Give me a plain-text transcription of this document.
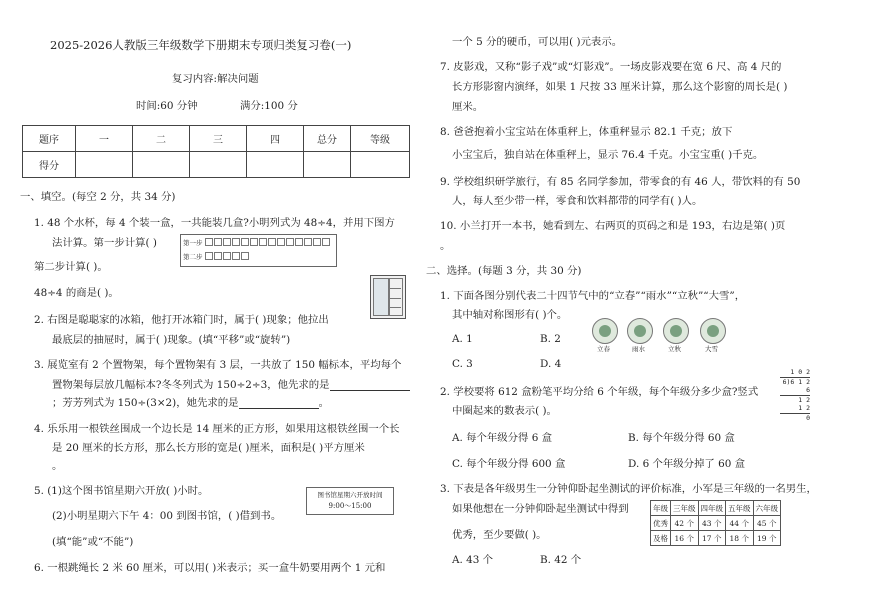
2025-2026人教版三年级数学下册期末专项归类复习卷(一)
复习内容:解决问题
时间:60 分钟	满分:100 分
题序	一	二	三	四	总分	等级
得分						
一、填空。(每空 2 分，共 34 分)
1. 48 个水杯，每 4 个装一盒，一共能装几盒?小明列式为 48÷4，并用下图方
法计算。第一步计算( )	第一步
第二步
第二步计算( )。
48÷4 的商是( )。
2. 右图是聪聪家的冰箱，他打开冰箱门时，属于( )现象；他拉出
最底层的抽屉时，属于( )现象。(填“平移”或“旋转”)
3. 展览室有 2 个置物架，每个置物架有 3 层，一共放了 150 幅标本，平均每个
置物架每层放几幅标本?冬冬列式为 150÷2÷3，他先求的是
；芳芳列式为 150÷(3×2)，她先求的是	。
4. 乐乐用一根铁丝围成一个边长是 14 厘米的正方形，如果用这根铁丝围一个长
是 20 厘米的长方形，那么长方形的宽是( )厘米，面积是( )平方厘米
。
5. (1)这个图书馆星期六开放( )小时。	图书馆星期六开放时间
9:00～15:00
(2)小明星期六下午 4：00 到图书馆，( )借到书。
(填“能”或“不能”)
6. 一根跳绳长 2 米 60 厘米，可以用( )米表示；买一盒牛奶要用两个 1 元和
一个 5 分的硬币，可以用( )元表示。
7. 皮影戏，又称“影子戏”或“灯影戏”。一场皮影戏要在宽 6 尺、高 4 尺的
长方形影窗内演绎，如果 1 尺按 33 厘米计算，那么这个影窗的周长是( )
厘米。
8. 爸爸抱着小宝宝站在体重秤上，体重秤显示 82.1 千克；放下
小宝宝后，独自站在体重秤上，显示 76.4 千克。小宝宝重( )千克。
9. 学校组织研学旅行，有 85 名同学参加，带零食的有 46 人，带饮料的有 50
人，每人至少带一样，零食和饮料都带的同学有( )人。
10. 小兰打开一本书，她看到左、右两页的页码之和是 193，右边是第( )页
。
二、选择。(每题 3 分，共 30 分)
1. 下面各图分别代表二十四节气中的“立春”“雨水”“立秋”“大雪”，
其中轴对称图形有( )个。
A. 1	B. 2
C. 3	D. 4
立春	雨水	立秋	大雪
2. 学校要将 612 盒粉笔平均分给 6 个年级，每个年级分多少盒?竖式
中圈起来的数表示( )。
1 0 2
6)6 1 2
6
1 2
1 2
0
A. 每个年级分得 6 盒	B. 每个年级分得 60 盒
C. 每个年级分得 600 盒	D. 6 个年级分掉了 60 盒
3. 下表是各年级男生一分钟仰卧起坐测试的评价标准，小军是三年级的一名男生，
如果他想在一分钟仰卧起坐测试中得到
优秀，至少要做( )。
年级	三年级	四年级	五年级	六年级
优秀	42 个	43 个	44 个	45 个
及格	16 个	17 个	18 个	19 个
A. 43 个	B. 42 个
